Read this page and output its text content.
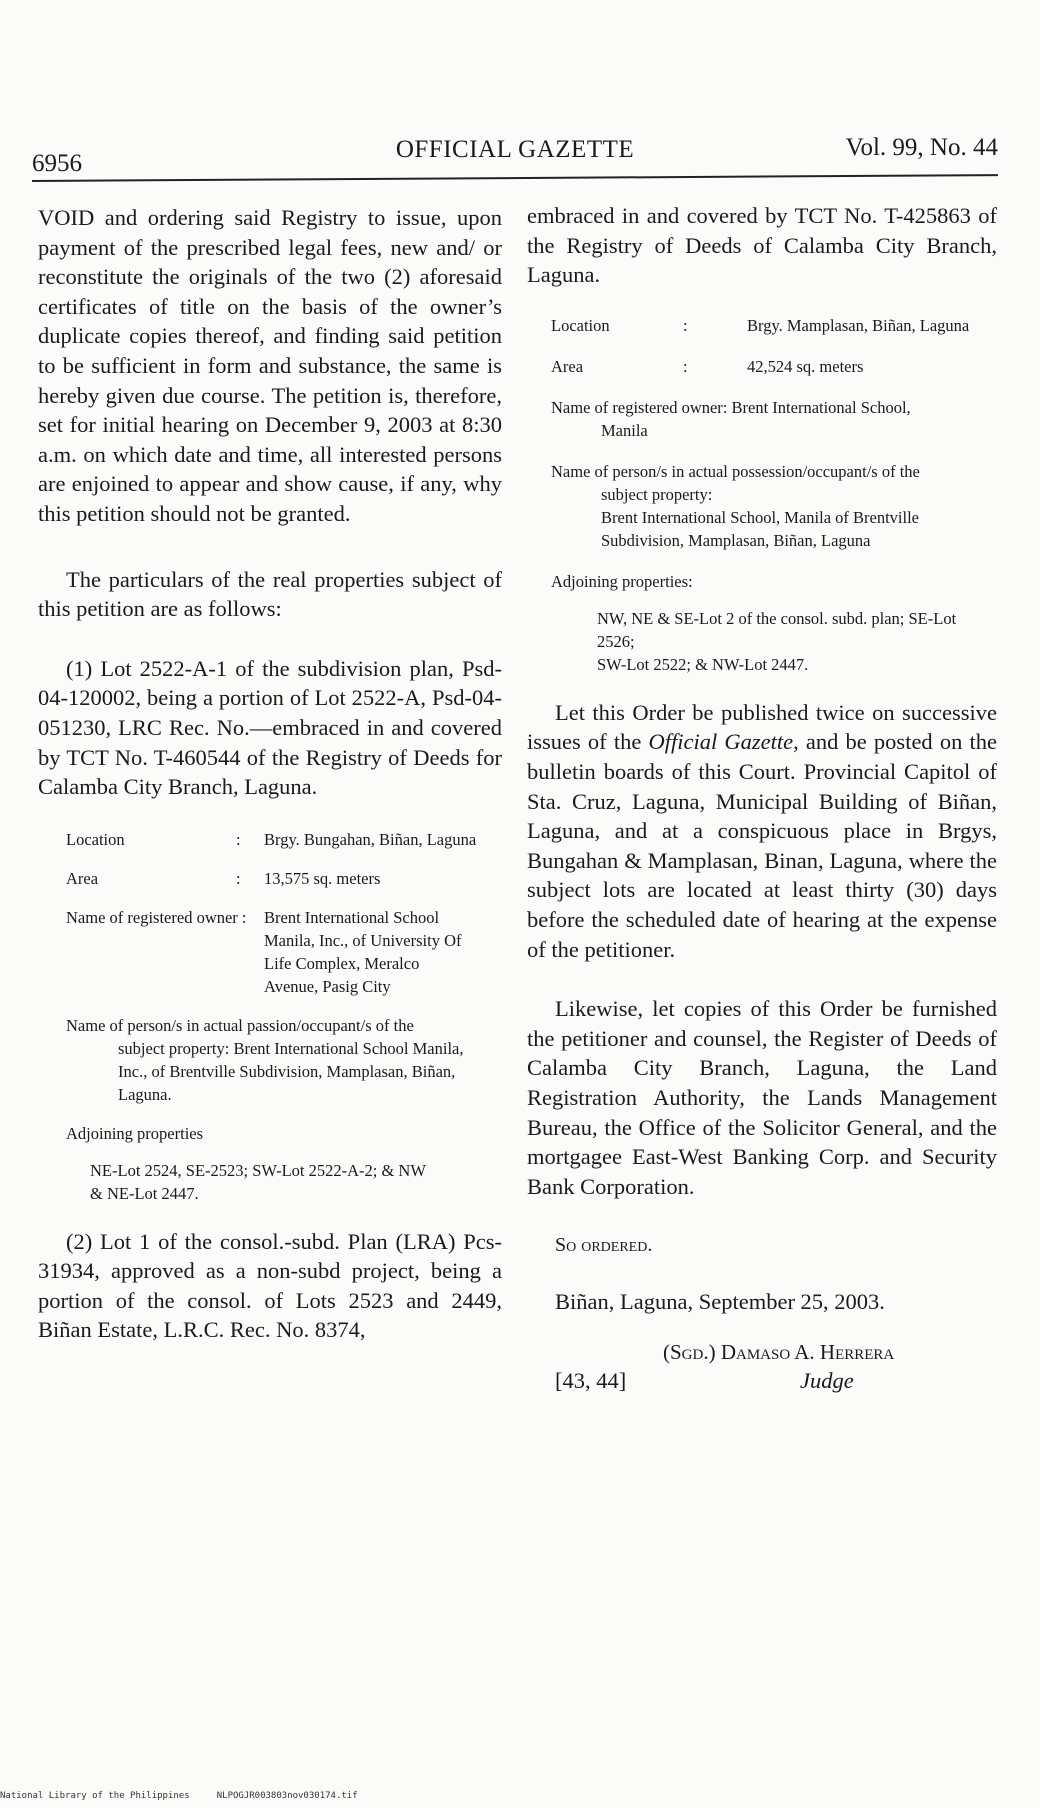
6956
OFFICIAL GAZETTE	Vol. 99, No. 44

VOID and ordering said Registry to issue, upon payment of the prescribed legal fees, new and/ or reconstitute the originals of the two (2) aforesaid certificates of title on the basis of the owner’s duplicate copies thereof, and finding said petition to be sufficient in form and substance, the same is hereby given due course. The petition is, therefore, set for initial hearing on December 9, 2003 at 8:30 a.m. on which date and time, all interested persons are enjoined to appear and show cause, if any, why this petition should not be granted.

The particulars of the real properties subject of this petition are as follows:

(1) Lot 2522-A-1 of the subdivision plan, Psd-04-120002, being a portion of Lot 2522-A, Psd-04-051230, LRC Rec. No.—embraced in and covered by TCT No. T-460544 of the Registry of Deeds for Calamba City Branch, Laguna.

Location	:	Brgy. Bungahan, Biñan, Laguna
Area	:	13,575 sq. meters
Name of registered owner :	Brent International School Manila, Inc., of University Of Life Complex, Meralco Avenue, Pasig City
Name of person/s in actual passion/occupant/s of the
subject property: Brent International School Manila, Inc., of Brentville Subdivision, Mamplasan, Biñan, Laguna.
Adjoining properties
NE-Lot 2524, SE-2523; SW-Lot 2522-A-2; & NW & NE-Lot 2447.

(2) Lot 1 of the consol.-subd. Plan (LRA) Pcs-31934, approved as a non-subd project, being a portion of the consol. of Lots 2523 and 2449, Biñan Estate, L.R.C. Rec. No. 8374,

embraced in and covered by TCT No. T-425863 of the Registry of Deeds of Calamba City Branch, Laguna.

Location	:	Brgy. Mamplasan, Biñan, Laguna
Area	:	42,524 sq. meters
Name of registered owner: Brent International School,
Manila
Name of person/s in actual possession/occupant/s of the
subject property:
Brent International School, Manila of Brentville Subdivision, Mamplasan, Biñan, Laguna
Adjoining properties:
NW, NE & SE-Lot 2 of the consol. subd. plan; SE-Lot 2526;
SW-Lot 2522; & NW-Lot 2447.

Let this Order be published twice on successive issues of the Official Gazette, and be posted on the bulletin boards of this Court. Provincial Capitol of Sta. Cruz, Laguna, Municipal Building of Biñan, Laguna, and at a conspicuous place in Brgys, Bungahan & Mamplasan, Binan, Laguna, where the subject lots are located at least thirty (30) days before the scheduled date of hearing at the expense of the petitioner.

Likewise, let copies of this Order be furnished the petitioner and counsel, the Register of Deeds of Calamba City Branch, Laguna, the Land Registration Authority, the Lands Management Bureau, the Office of the Solicitor General, and the mortgagee East-West Banking Corp. and Security Bank Corporation.

So ordered.

Biñan, Laguna, September 25, 2003.

(Sgd.) Damaso A. Herrera
[43, 44]	Judge
National Library of the Philippines     NLPOGJR003803nov030174.tif
